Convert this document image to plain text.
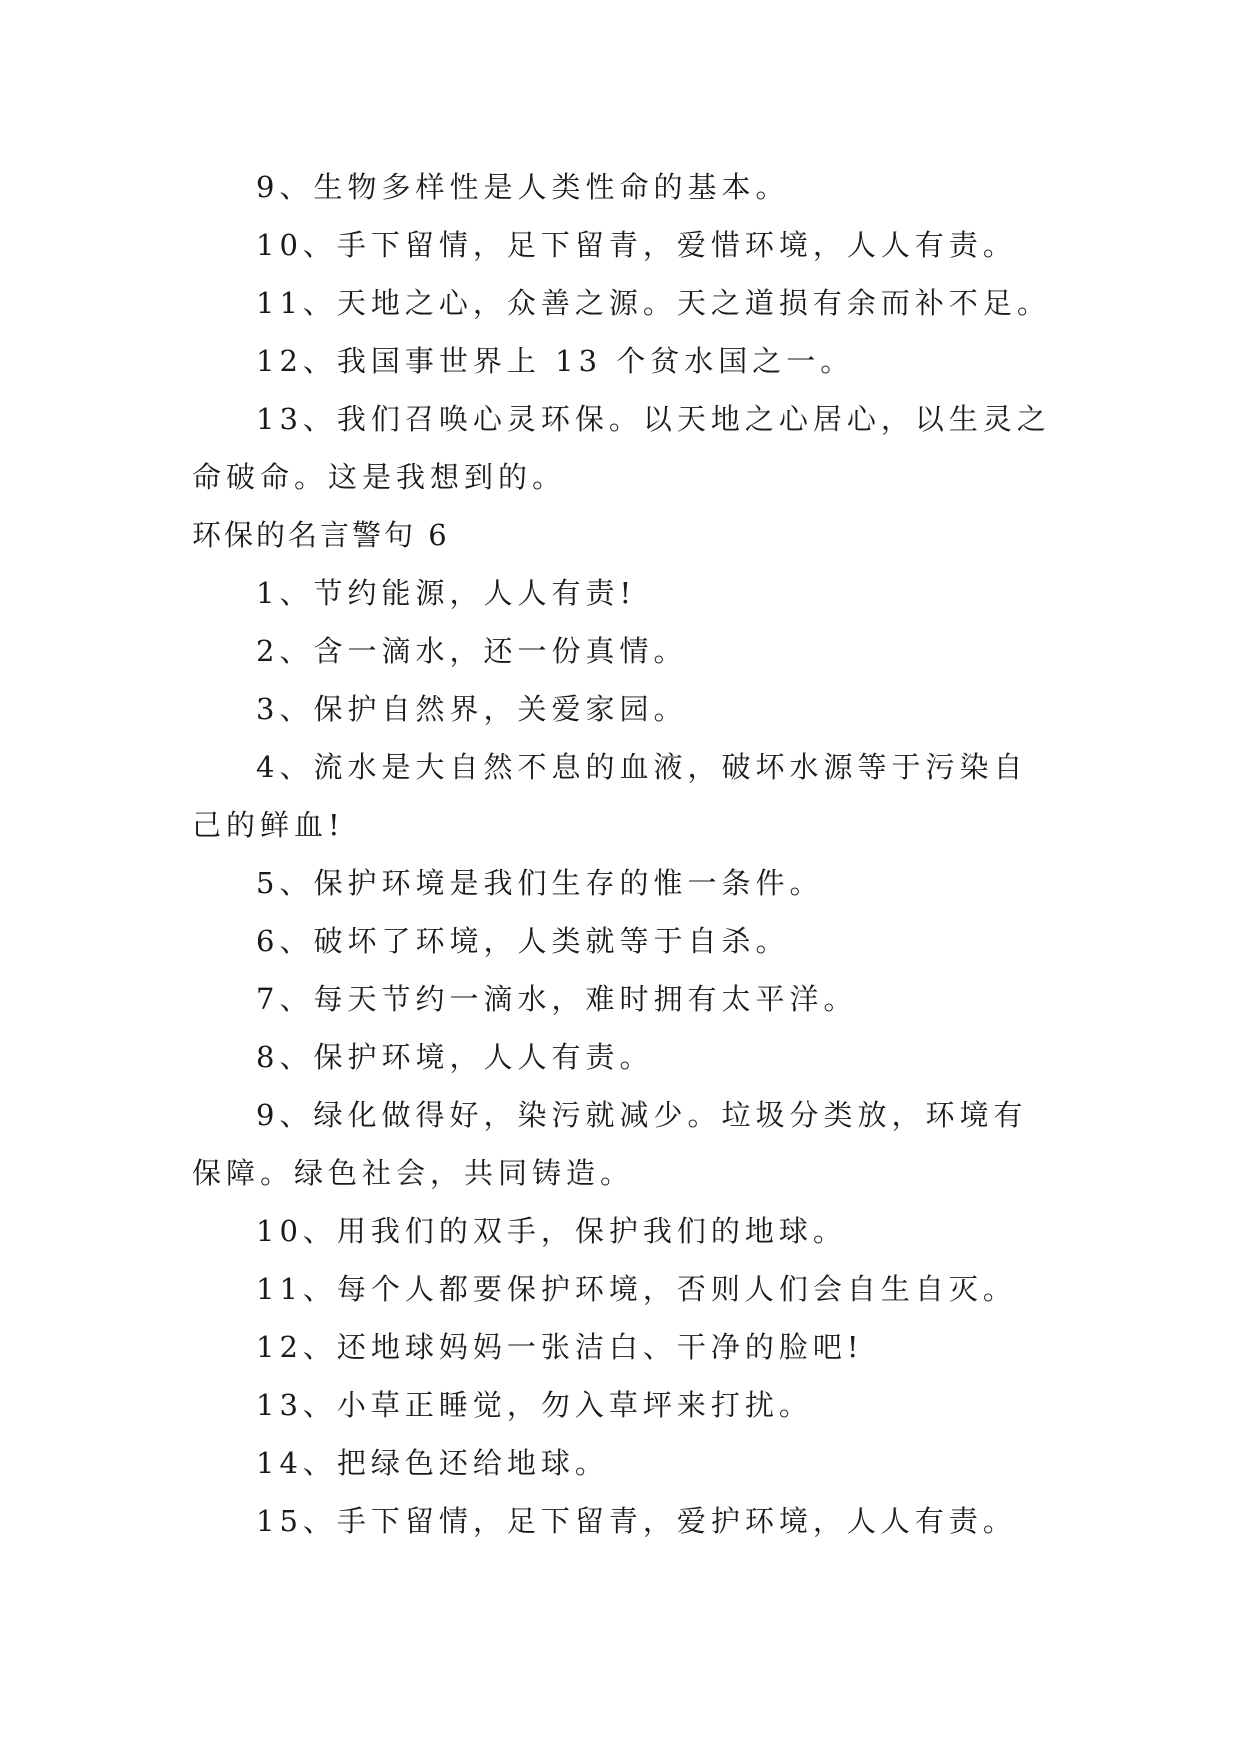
9、生物多样性是人类性命的基本。

10、手下留情，足下留青，爱惜环境，人人有责。

11、天地之心，众善之源。天之道损有余而补不足。

12、我国事世界上 13 个贫水国之一。

13、我们召唤心灵环保。以天地之心居心，以生灵之命破命。这是我想到的。

环保的名言警句 6

1、节约能源，人人有责!

2、含一滴水，还一份真情。

3、保护自然界，关爱家园。

4、流水是大自然不息的血液，破坏水源等于污染自己的鲜血!

5、保护环境是我们生存的惟一条件。

6、破坏了环境，人类就等于自杀。

7、每天节约一滴水，难时拥有太平洋。

8、保护环境，人人有责。

9、绿化做得好，染污就减少。垃圾分类放，环境有保障。绿色社会，共同铸造。

10、用我们的双手，保护我们的地球。

11、每个人都要保护环境，否则人们会自生自灭。

12、还地球妈妈一张洁白、干净的脸吧!

13、小草正睡觉，勿入草坪来打扰。

14、把绿色还给地球。

15、手下留情，足下留青，爱护环境，人人有责。
